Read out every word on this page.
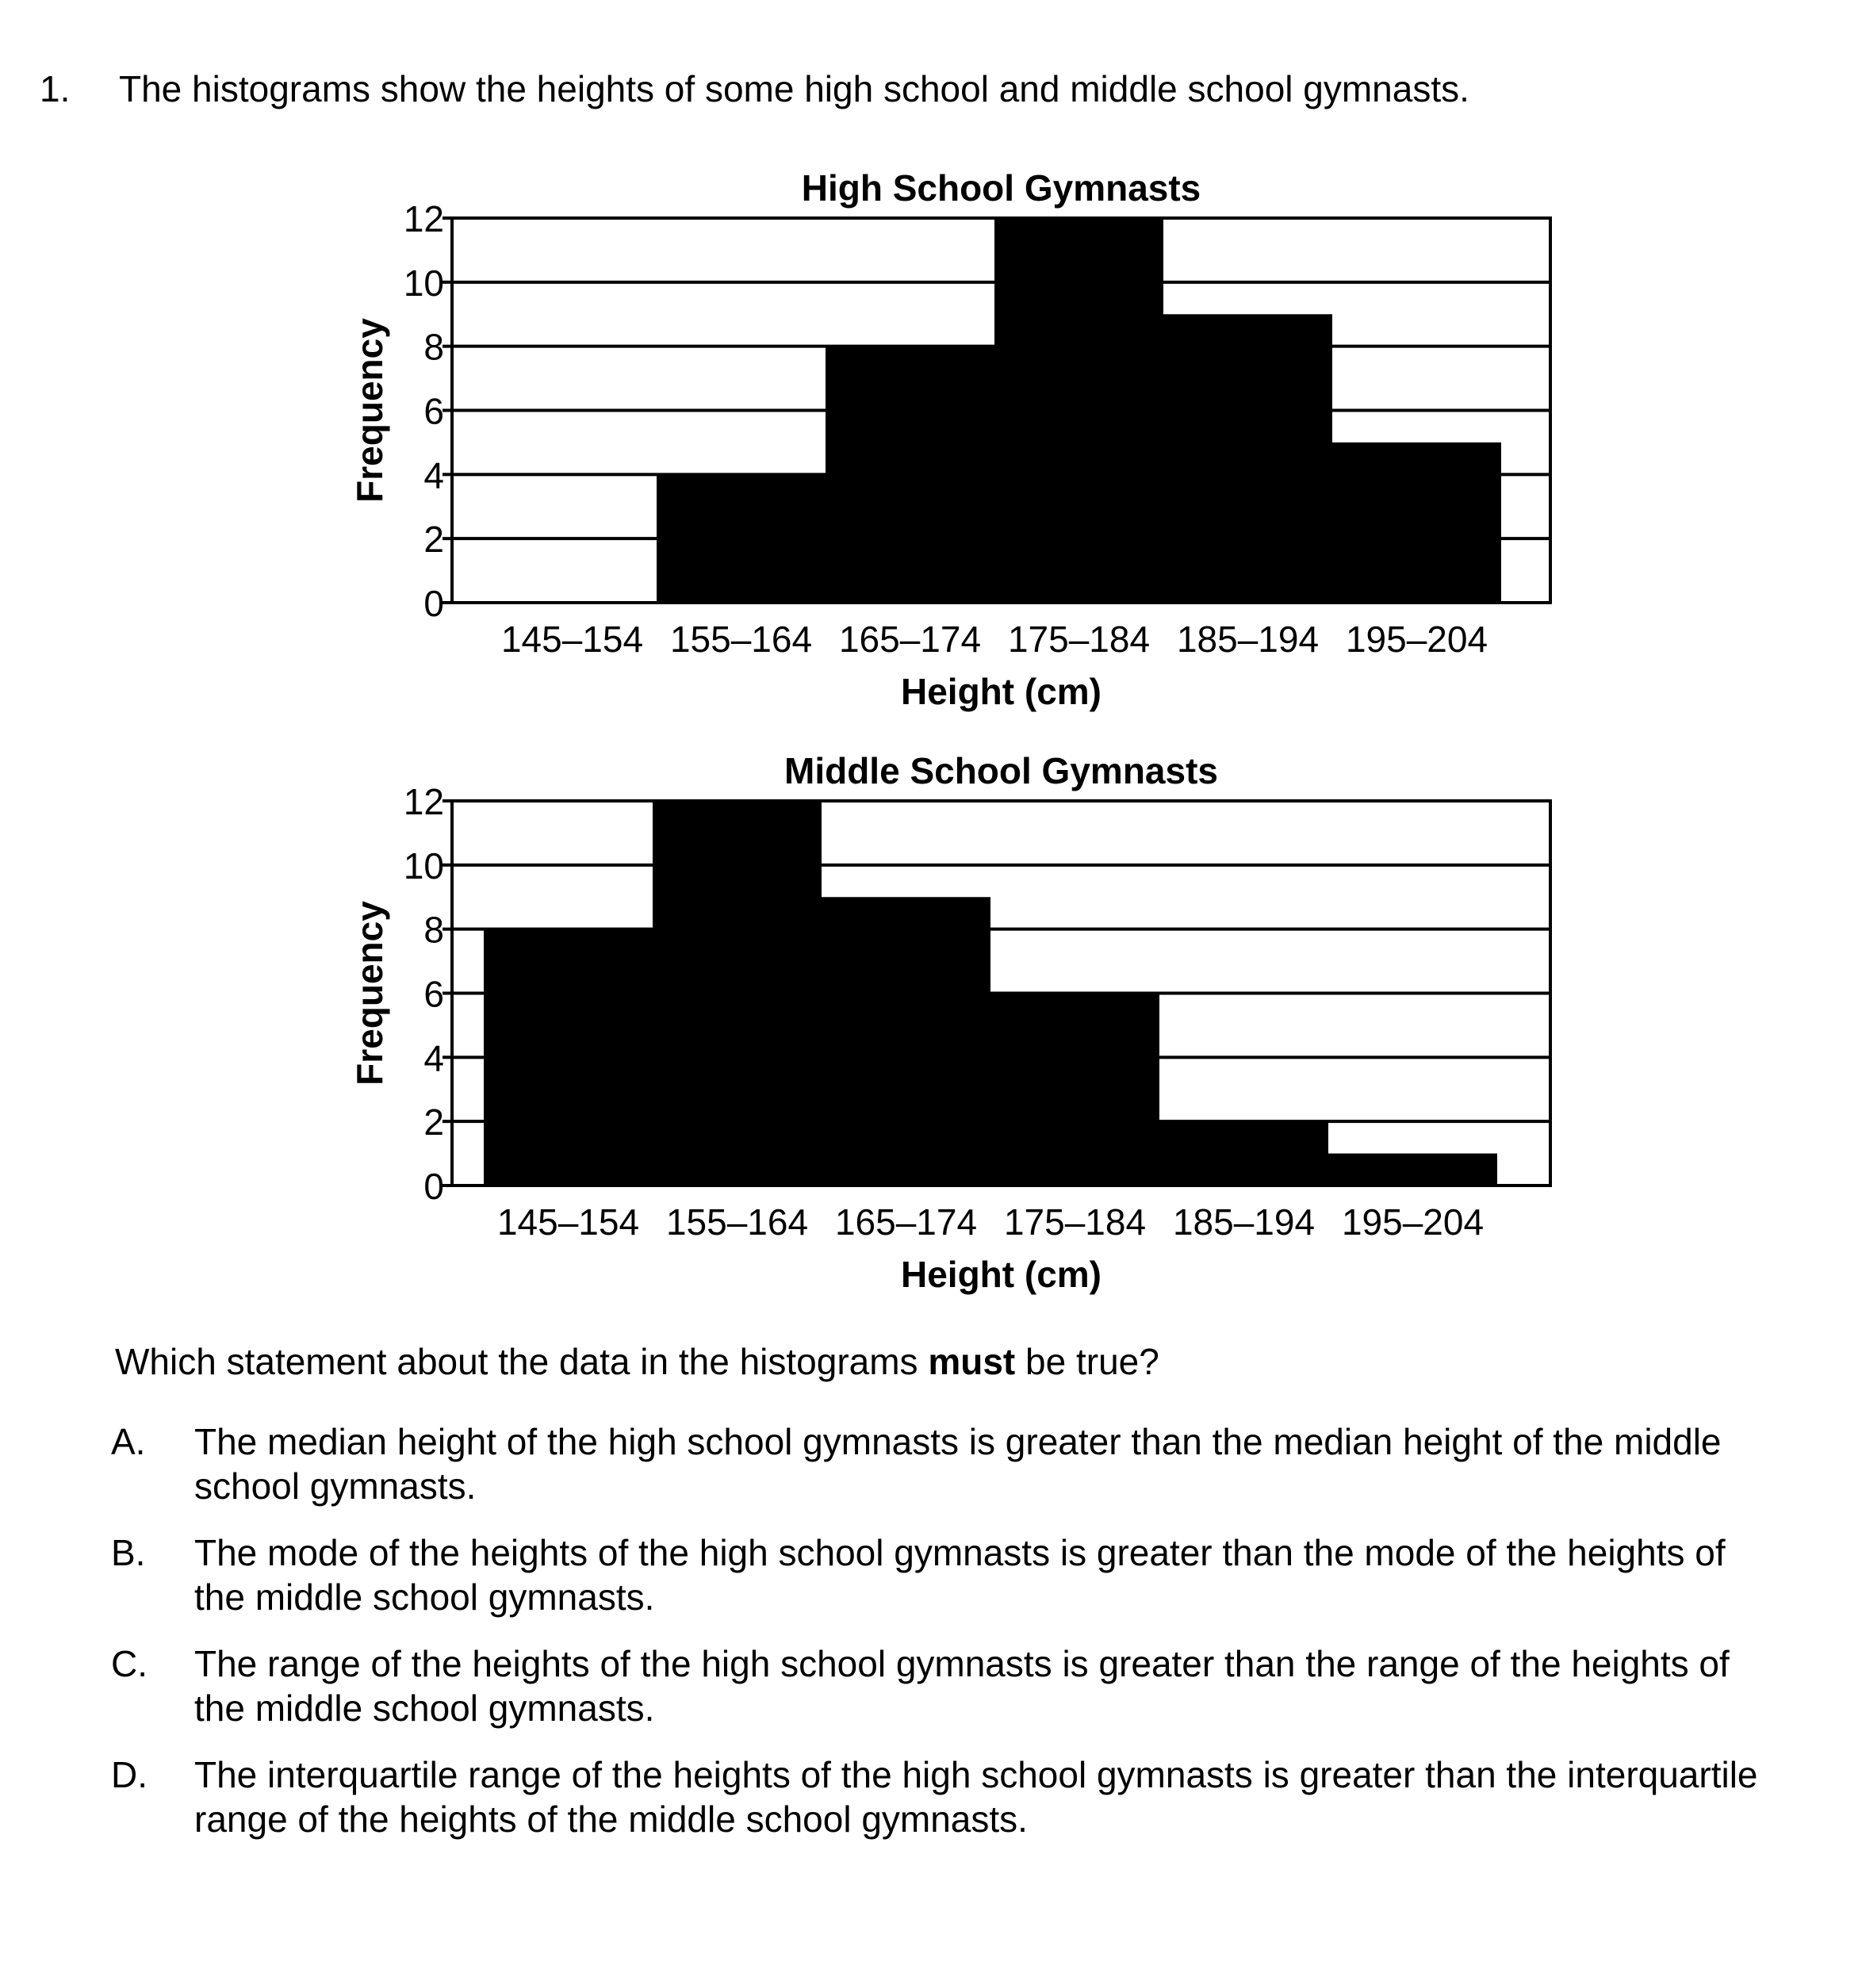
1. The histograms show the heights of some high school and middle school gymnasts.
0
2
4
6
8
10
12
145–154 155–164 165–174 175–184 185–194 195–204
High School Gymnasts
Height (cm)
Frequency
0
2
4
6
8
10
12
145–154 155–164 165–174 175–184 185–194 195–204
Middle School Gymnasts
Height (cm)
Frequency
Which statement about the data in the histograms must be true?
A.	The median height of the high school gymnasts is greater than the median height of the middle school gymnasts.
B.	The mode of the heights of the high school gymnasts is greater than the mode of the heights of the middle school gymnasts.
C.	The range of the heights of the high school gymnasts is greater than the range of the heights of the middle school gymnasts.
D.	The interquartile range of the heights of the high school gymnasts is greater than the interquartile range of the heights of the middle school gymnasts.
